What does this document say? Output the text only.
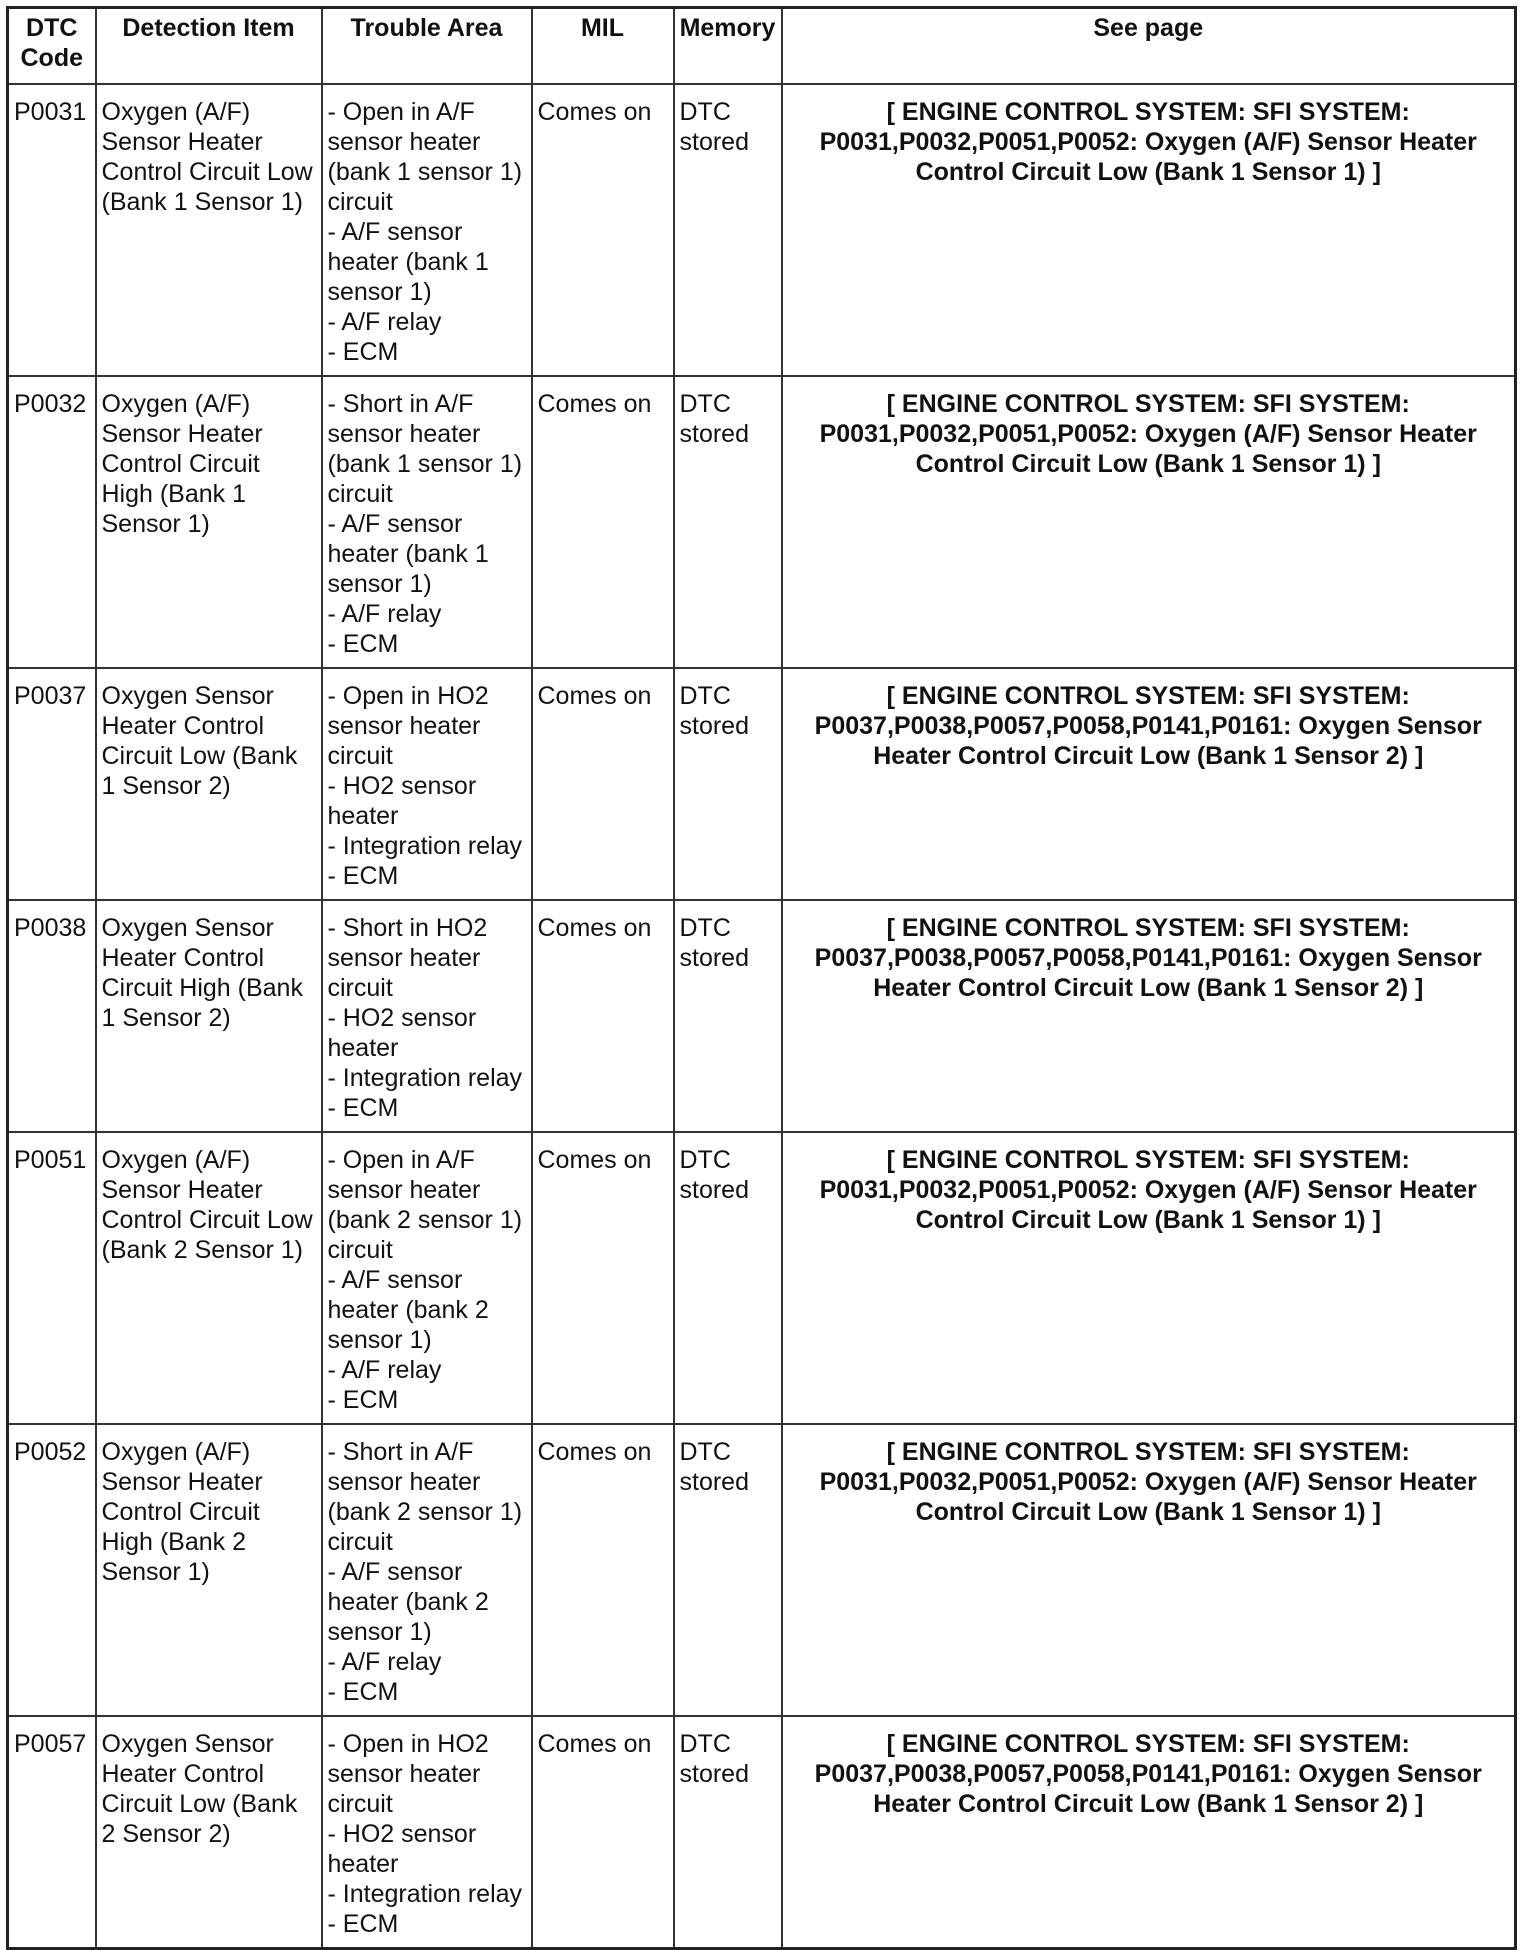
DTC
Code	Detection Item	Trouble Area	MIL	Memory	See page
P0031	Oxygen (A/F) Sensor Heater Control Circuit Low (Bank 1 Sensor 1)	- Open in A/F sensor heater (bank 1 sensor 1) circuit
- A/F sensor heater (bank 1 sensor 1)
- A/F relay
- ECM	Comes on	DTC stored	[ ENGINE CONTROL SYSTEM: SFI SYSTEM: P0031,P0032,P0051,P0052: Oxygen (A/F) Sensor Heater Control Circuit Low (Bank 1 Sensor 1) ]
P0032	Oxygen (A/F) Sensor Heater Control Circuit High (Bank 1 Sensor 1)	- Short in A/F sensor heater (bank 1 sensor 1) circuit
- A/F sensor heater (bank 1 sensor 1)
- A/F relay
- ECM	Comes on	DTC stored	[ ENGINE CONTROL SYSTEM: SFI SYSTEM: P0031,P0032,P0051,P0052: Oxygen (A/F) Sensor Heater Control Circuit Low (Bank 1 Sensor 1) ]
P0037	Oxygen Sensor Heater Control Circuit Low (Bank 1 Sensor 2)	- Open in HO2 sensor heater circuit
- HO2 sensor heater
- Integration relay
- ECM	Comes on	DTC stored	[ ENGINE CONTROL SYSTEM: SFI SYSTEM: P0037,P0038,P0057,P0058,P0141,P0161: Oxygen Sensor Heater Control Circuit Low (Bank 1 Sensor 2) ]
P0038	Oxygen Sensor Heater Control Circuit High (Bank 1 Sensor 2)	- Short in HO2 sensor heater circuit
- HO2 sensor heater
- Integration relay
- ECM	Comes on	DTC stored	[ ENGINE CONTROL SYSTEM: SFI SYSTEM: P0037,P0038,P0057,P0058,P0141,P0161: Oxygen Sensor Heater Control Circuit Low (Bank 1 Sensor 2) ]
P0051	Oxygen (A/F) Sensor Heater Control Circuit Low (Bank 2 Sensor 1)	- Open in A/F sensor heater (bank 2 sensor 1) circuit
- A/F sensor heater (bank 2 sensor 1)
- A/F relay
- ECM	Comes on	DTC stored	[ ENGINE CONTROL SYSTEM: SFI SYSTEM: P0031,P0032,P0051,P0052: Oxygen (A/F) Sensor Heater Control Circuit Low (Bank 1 Sensor 1) ]
P0052	Oxygen (A/F) Sensor Heater Control Circuit High (Bank 2 Sensor 1)	- Short in A/F sensor heater (bank 2 sensor 1) circuit
- A/F sensor heater (bank 2 sensor 1)
- A/F relay
- ECM	Comes on	DTC stored	[ ENGINE CONTROL SYSTEM: SFI SYSTEM: P0031,P0032,P0051,P0052: Oxygen (A/F) Sensor Heater Control Circuit Low (Bank 1 Sensor 1) ]
P0057	Oxygen Sensor Heater Control Circuit Low (Bank 2 Sensor 2)	- Open in HO2 sensor heater circuit
- HO2 sensor heater
- Integration relay
- ECM	Comes on	DTC stored	[ ENGINE CONTROL SYSTEM: SFI SYSTEM: P0037,P0038,P0057,P0058,P0141,P0161: Oxygen Sensor Heater Control Circuit Low (Bank 1 Sensor 2) ]
